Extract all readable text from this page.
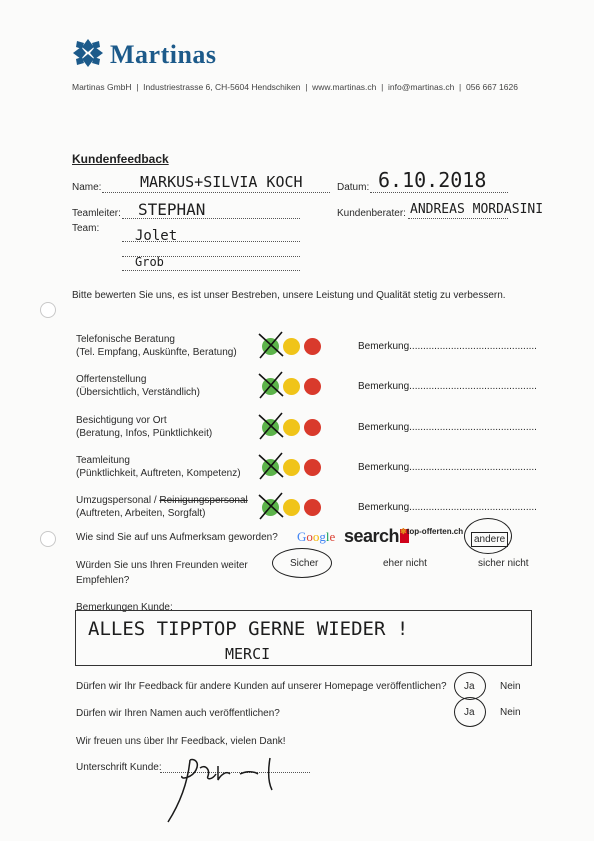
Martinas
Martinas GmbH  |  Industriestrasse 6, CH-5604 Hendschiken  |  www.martinas.ch  |  info@martinas.ch  |  056 667 1626
Kundenfeedback
Name:	MARKUS+SILVIA KOCH	Datum: 6.10.2018
Teamleiter: STEPHAN	Kundenberater: ANDREAS MORDASINI
Team:	Jolet
Grob
Bitte bewerten Sie uns, es ist unser Bestreben, unsere Leistung und Qualität stetig zu verbessern.
Telefonische Beratung
(Tel. Empfang, Auskünfte, Beratung)
Bemerkung..............................................
Offertenstellung
(Übersichtlich, Verständlich)
Bemerkung..............................................
Besichtigung vor Ort
(Beratung, Infos, Pünktlichkeit)
Bemerkung..............................................
Teamleitung
(Pünktlichkeit, Auftreten, Kompetenz)
Bemerkung..............................................
Umzugspersonal / Reinigungspersonal
(Auftreten, Arbeiten, Sorgfalt)
Bemerkung..............................................
Wie sind Sie auf uns Aufmerksam geworden? Google search ✱top-offerten.ch
andere
Würden Sie uns Ihren Freunden weiter Empfehlen?
Sicher	eher nicht	sicher nicht
Bemerkungen Kunde:
ALLES TIPPTOP GERNE WIEDER !
MERCI
Dürfen wir Ihr Feedback für andere Kunden auf unserer Homepage veröffentlichen? Ja	Nein
Dürfen wir Ihren Namen auch veröffentlichen?	Ja	Nein
Wir freuen uns über Ihr Feedback, vielen Dank!
Unterschrift Kunde:
